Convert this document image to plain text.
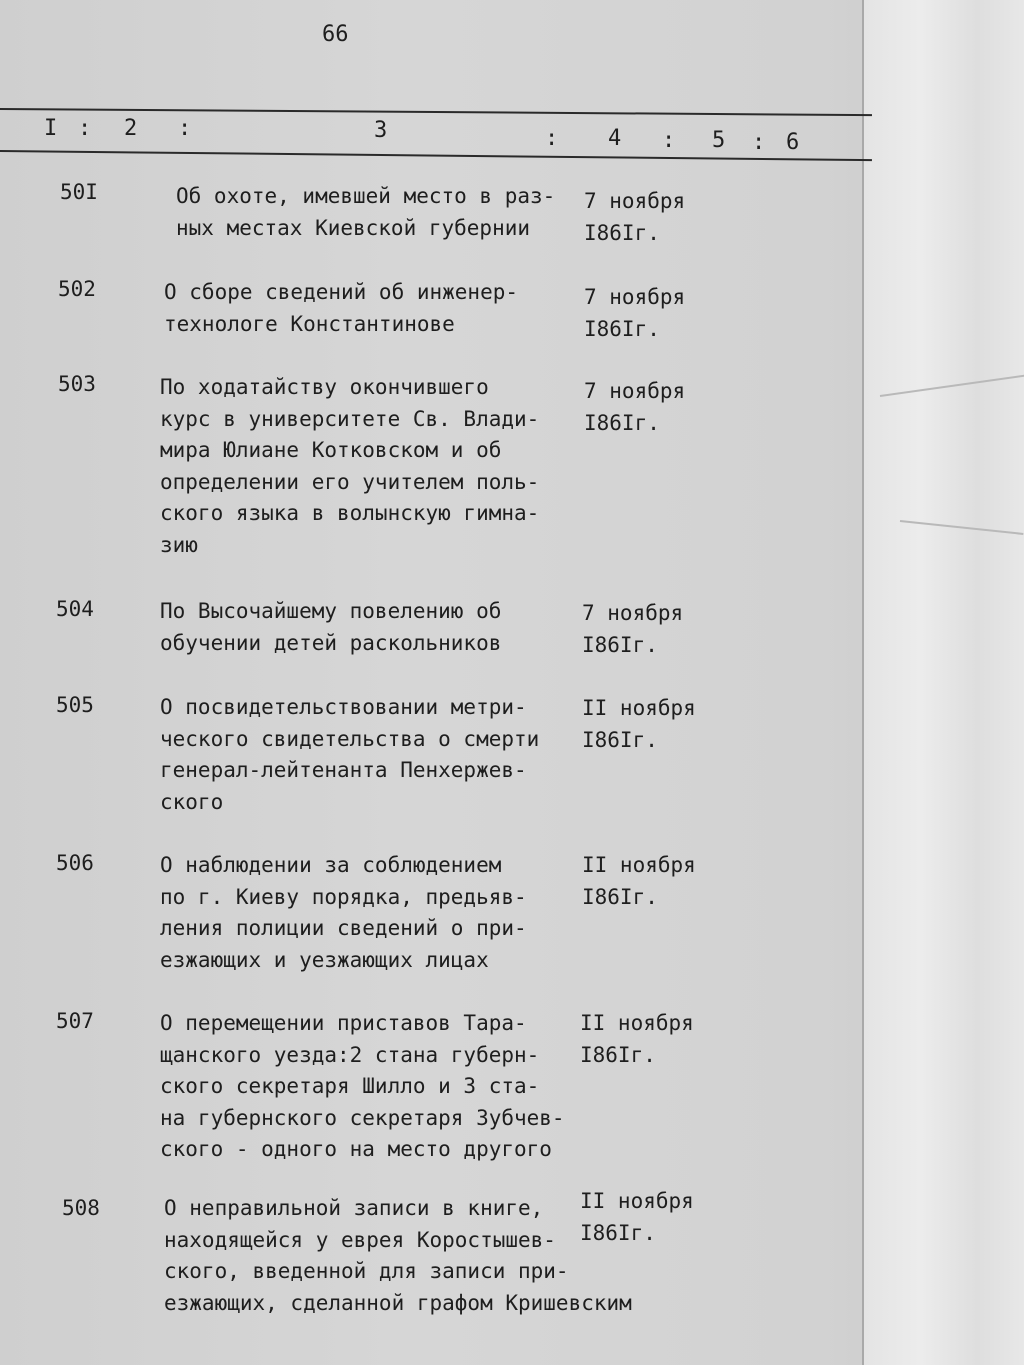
66
I : 2 :	3	: 4 : 5 : 6
50I	Об охоте, имевшей место в раз-
ных местах Киевской губернии
7 ноября
I86Iг.
502	О сборе сведений об инженер-
технологе Константинове
7 ноября
I86Iг.
503	По ходатайству окончившего
курс в университете Св. Влади-
мира Юлиане Котковском и об
определении его учителем поль-
ского языка в волынскую гимна-
зию
7 ноября
I86Iг.
504	По Высочайшему повелению об
обучении детей раскольников
7 ноября
I86Iг.
505	О посвидетельствовании метри-
ческого свидетельства о смерти
генерал-лейтенанта Пенхержев-
ского
II ноября
I86Iг.
506	О наблюдении за соблюдением
по г. Киеву порядка, предьяв-
ления полиции сведений о при-
езжающих и уезжающих лицах
II ноября
I86Iг.
507	О перемещении приставов Тара-
щанского уезда:2 стана губерн-
ского секретаря Шилло и 3 ста-
на губернского секретаря Зубчев-
ского - одного на место другого
II ноября
I86Iг.
508	О неправильной записи в книге,
находящейся у еврея Коростышев-
ского, введенной для записи при-
езжающих, сделанной графом Кришевским
II ноября
I86Iг.
